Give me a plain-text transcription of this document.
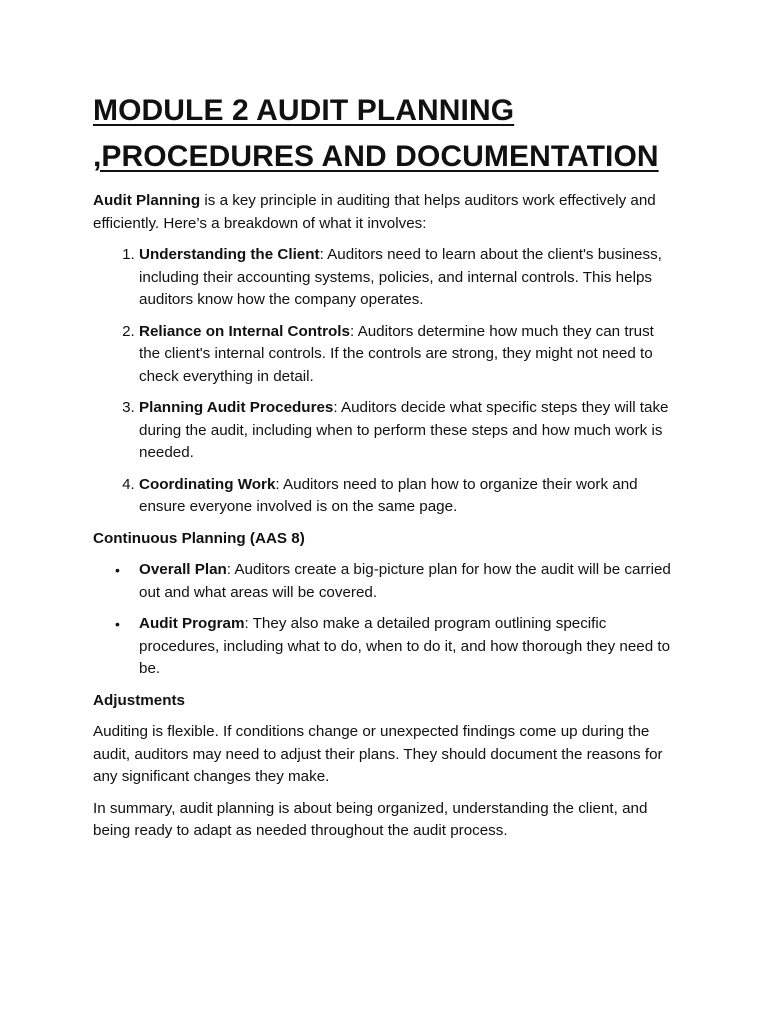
MODULE 2 AUDIT PLANNING
,PROCEDURES AND DOCUMENTATION

Audit Planning is a key principle in auditing that helps auditors work effectively and efficiently. Here’s a breakdown of what it involves:

1. Understanding the Client: Auditors need to learn about the client's business, including their accounting systems, policies, and internal controls. This helps auditors know how the company operates.
2. Reliance on Internal Controls: Auditors determine how much they can trust the client's internal controls. If the controls are strong, they might not need to check everything in detail.
3. Planning Audit Procedures: Auditors decide what specific steps they will take during the audit, including when to perform these steps and how much work is needed.
4. Coordinating Work: Auditors need to plan how to organize their work and ensure everyone involved is on the same page.

Continuous Planning (AAS 8)

• Overall Plan: Auditors create a big-picture plan for how the audit will be carried out and what areas will be covered.
• Audit Program: They also make a detailed program outlining specific procedures, including what to do, when to do it, and how thorough they need to be.

Adjustments

Auditing is flexible. If conditions change or unexpected findings come up during the audit, auditors may need to adjust their plans. They should document the reasons for any significant changes they make.

In summary, audit planning is about being organized, understanding the client, and being ready to adapt as needed throughout the audit process.
